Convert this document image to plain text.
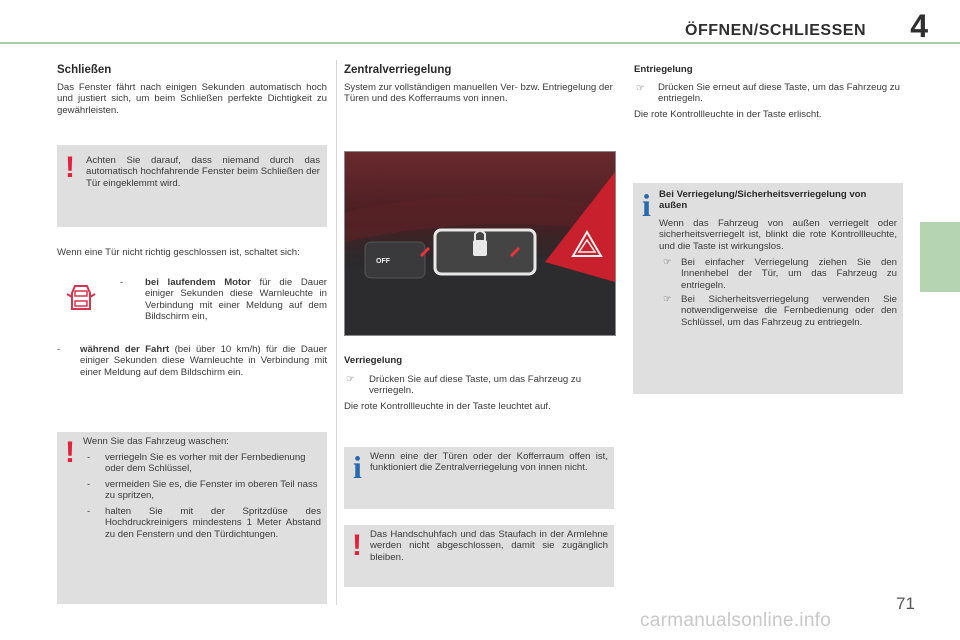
ÖFFNEN/SCHLIESSEN 4
Schließen
Das Fenster fährt nach einigen Sekunden automatisch hoch und justiert sich, um beim Schließen perfekte Dichtigkeit zu gewährleisten.
! Achten Sie darauf, dass niemand durch das automatisch hochfahrende Fenster beim Schließen der Tür eingeklemmt wird.
Wenn eine Tür nicht richtig geschlossen ist, schaltet sich:
- bei laufendem Motor für die Dauer einiger Sekunden diese Warnleuchte in Verbindung mit einer Meldung auf dem Bildschirm ein,
- während der Fahrt (bei über 10 km/h) für die Dauer einiger Sekunden diese Warnleuchte in Verbindung mit einer Meldung auf dem Bildschirm ein.
! Wenn Sie das Fahrzeug waschen:
- verriegeln Sie es vorher mit der Fernbedienung oder dem Schlüssel,
- vermeiden Sie es, die Fenster im oberen Teil nass zu spritzen,
- halten Sie mit der Spritzdüse des Hochdruckreinigers mindestens 1 Meter Abstand zu den Fenstern und den Türdichtungen.
Zentralverriegelung
System zur vollständigen manuellen Ver- bzw. Entriegelung der Türen und des Kofferraums von innen.
OFF
Verriegelung
☞ Drücken Sie auf diese Taste, um das Fahrzeug zu verriegeln.
Die rote Kontrollleuchte in der Taste leuchtet auf.
i Wenn eine der Türen oder der Kofferraum offen ist, funktioniert die Zentralverriegelung von innen nicht.
! Das Handschuhfach und das Staufach in der Armlehne werden nicht abgeschlossen, damit sie zugänglich bleiben.
Entriegelung
☞ Drücken Sie erneut auf diese Taste, um das Fahrzeug zu entriegeln.
Die rote Kontrollleuchte in der Taste erlischt.
i Bei Verriegelung/Sicherheitsverriegelung von außen
Wenn das Fahrzeug von außen verriegelt oder sicherheitsverriegelt ist, blinkt die rote Kontrollleuchte, und die Taste ist wirkungslos.
☞ Bei einfacher Verriegelung ziehen Sie den Innenhebel der Tür, um das Fahrzeug zu entriegeln.
☞ Bei Sicherheitsverriegelung verwenden Sie notwendigerweise die Fernbedienung oder den Schlüssel, um das Fahrzeug zu entriegeln.
71
carmanualsonline.info
